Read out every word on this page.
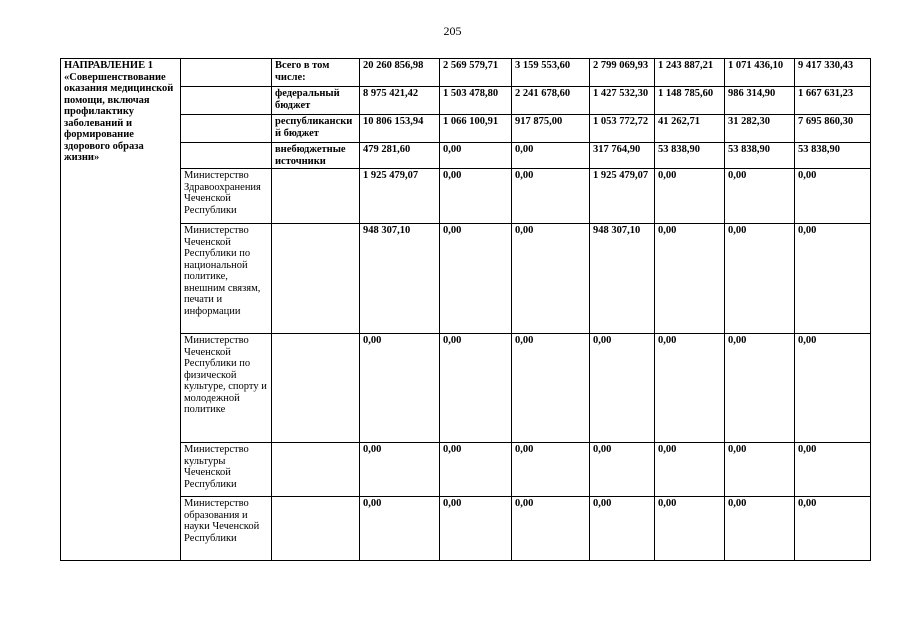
205
НАПРАВЛЕНИЕ 1 «Совершенствование оказания медицинской помощи, включая профилактику заболеваний и формирование здорового образа жизни»		Всего в том числе:	20 260 856,98	2 569 579,71	3 159 553,60	2 799 069,93	1 243 887,21	1 071 436,10	9 417 330,43
		федеральный бюджет	8 975 421,42	1 503 478,80	2 241 678,60	1 427 532,30	1 148 785,60	986 314,90	1 667 631,23
		республиканский бюджет	10 806 153,94	1 066 100,91	917 875,00	1 053 772,72	41 262,71	31 282,30	7 695 860,30
		внебюджетные источники	479 281,60	0,00	0,00	317 764,90	53 838,90	53 838,90	53 838,90
	Министерство Здравоохранения Чеченской Республики		1 925 479,07	0,00	0,00	1 925 479,07	0,00	0,00	0,00
	Министерство Чеченской Республики по национальной политике, внешним связям, печати и информации		948 307,10	0,00	0,00	948 307,10	0,00	0,00	0,00
	Министерство Чеченской Республики по физической культуре, спорту и молодежной политике		0,00	0,00	0,00	0,00	0,00	0,00	0,00
	Министерство культуры Чеченской Республики		0,00	0,00	0,00	0,00	0,00	0,00	0,00
	Министерство образования и науки Чеченской Республики		0,00	0,00	0,00	0,00	0,00	0,00	0,00
